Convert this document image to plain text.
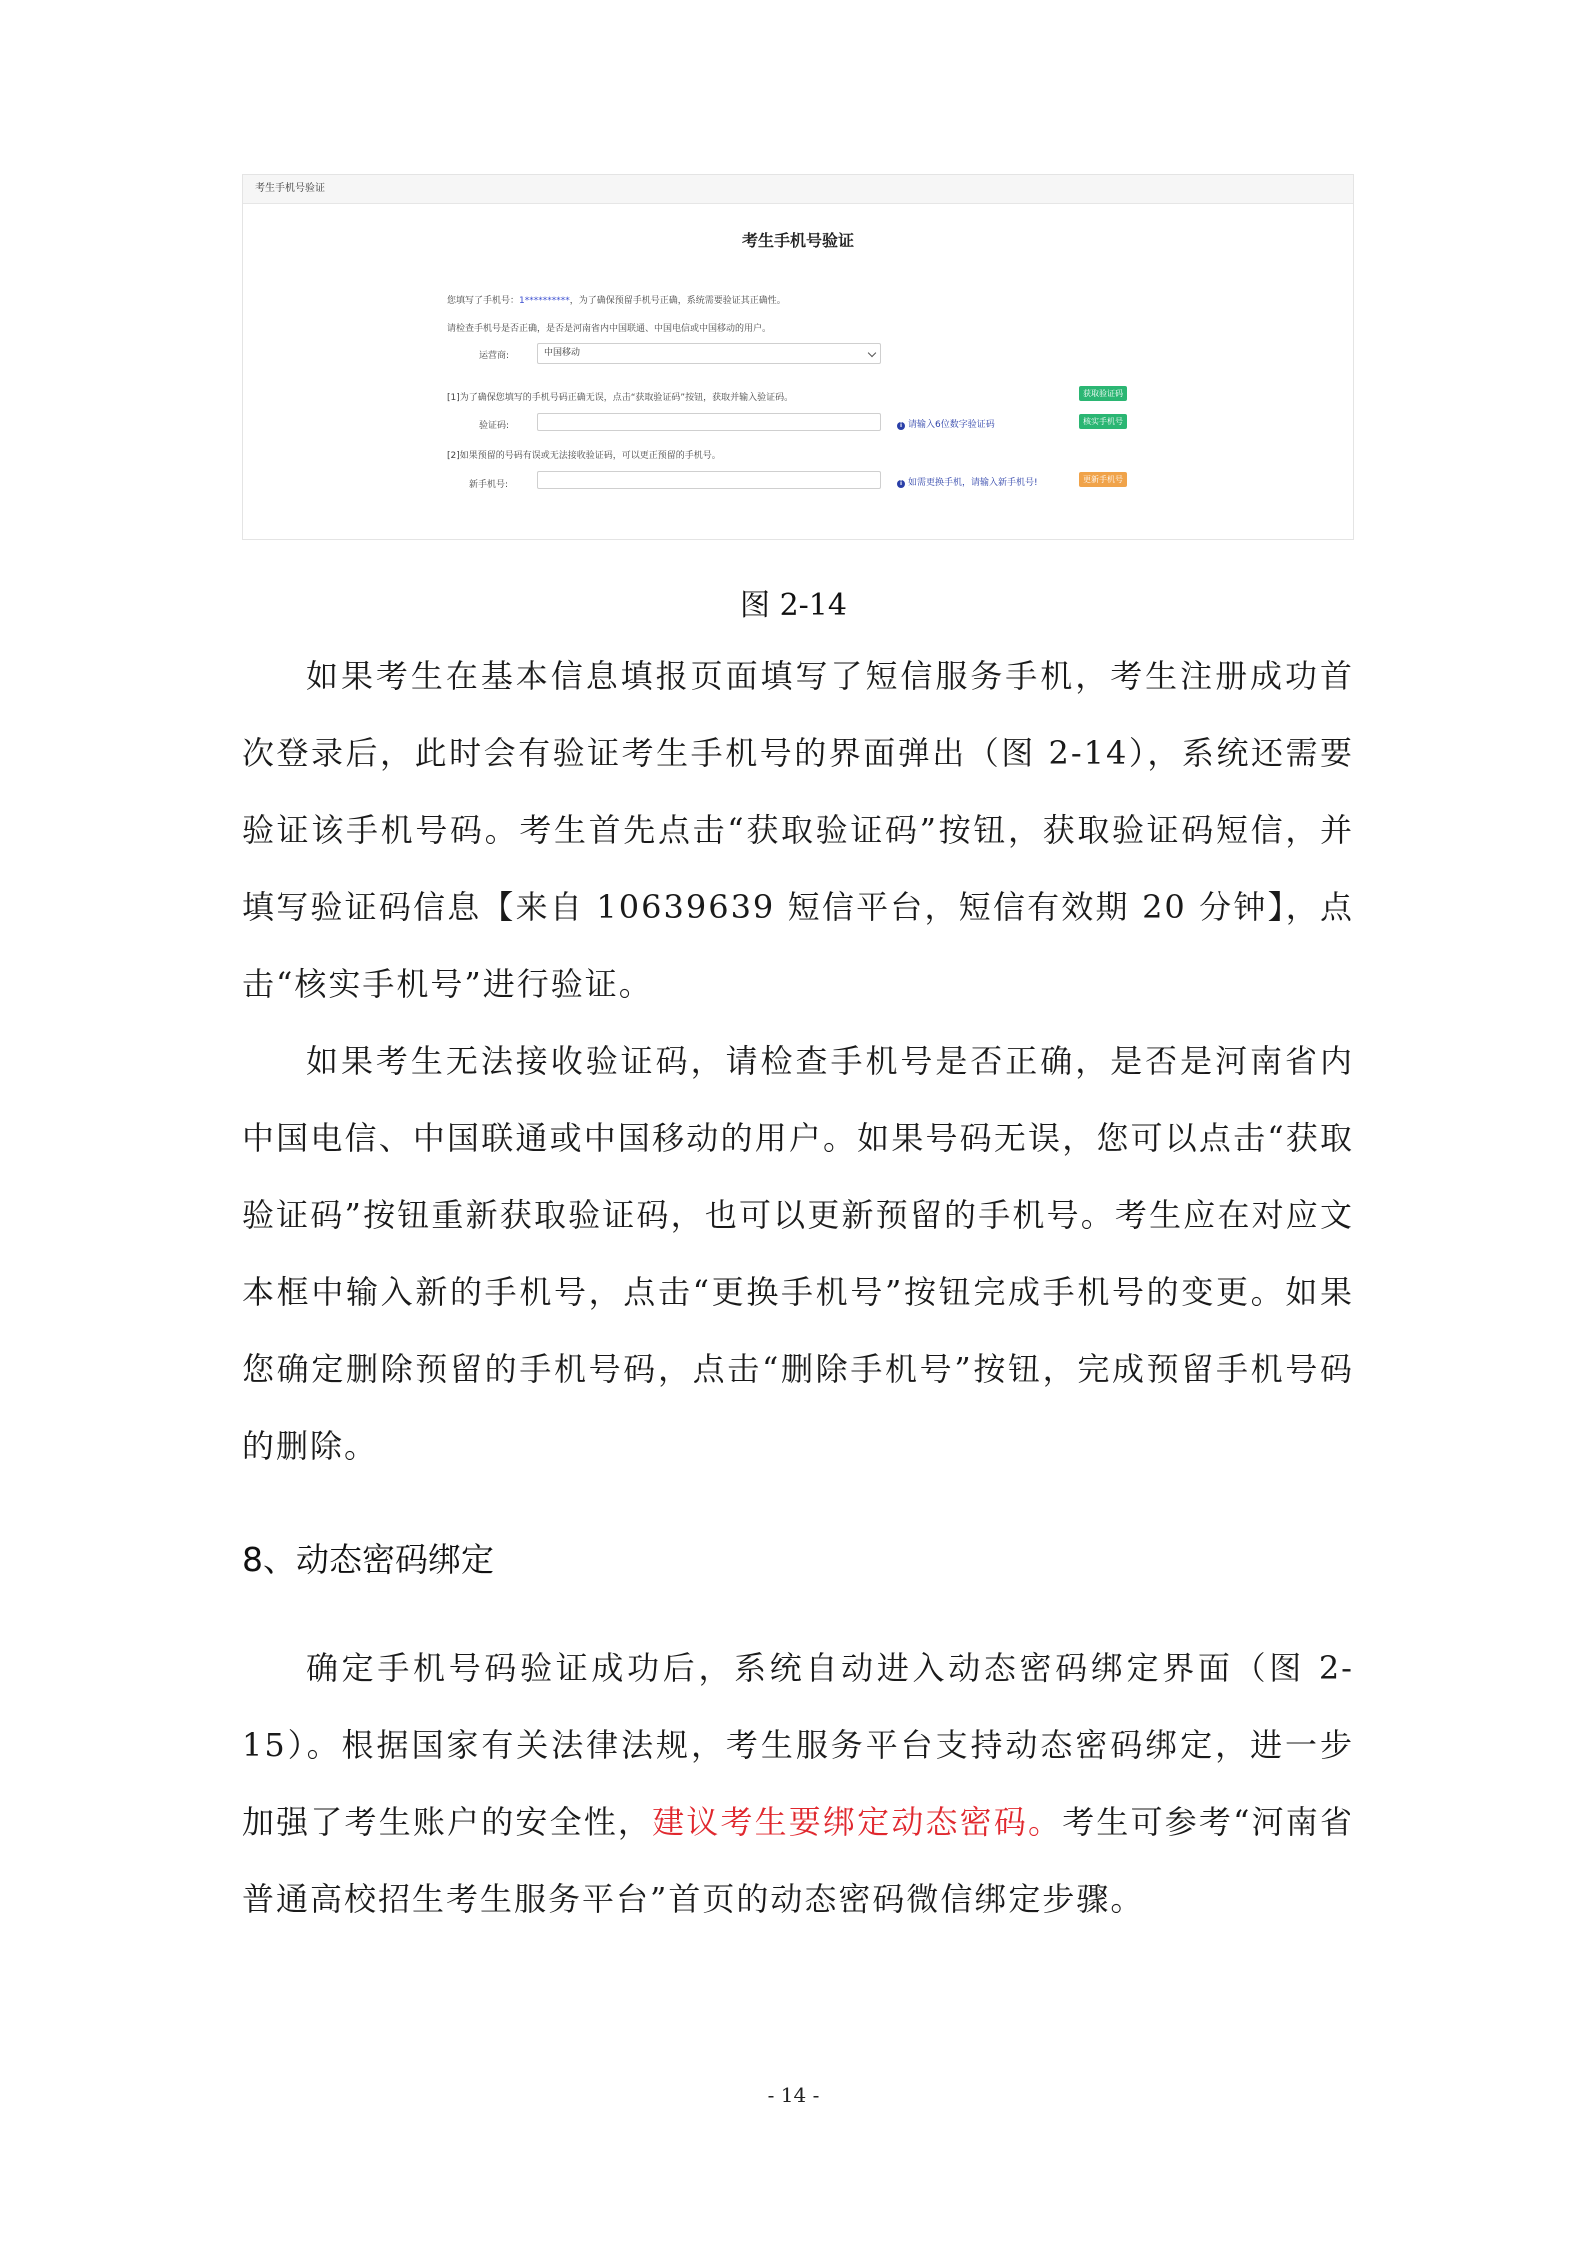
考生手机号验证
考生手机号验证
您填写了手机号：1**********，为了确保预留手机号正确，系统需要验证其正确性。
请检查手机号是否正确，是否是河南省内中国联通、中国电信或中国移动的用户。
运营商:	中国移动
[1]为了确保您填写的手机号码正确无误，点击“获取验证码”按钮，获取并输入验证码。	获取验证码
验证码:	i 请输入6位数字验证码	核实手机号
[2]如果预留的号码有误或无法接收验证码，可以更正预留的手机号。
新手机号:	i 如需更换手机，请输入新手机号!	更新手机号
图 2-14

如果考生在基本信息填报页面填写了短信服务手机，考生注册成功首次登录后，此时会有验证考生手机号的界面弹出（图 2-14），系统还需要验证该手机号码。考生首先点击“获取验证码”按钮，获取验证码短信，并填写验证码信息【来自 10639639 短信平台，短信有效期 20 分钟】，点击“核实手机号”进行验证。

如果考生无法接收验证码，请检查手机号是否正确，是否是河南省内中国电信、中国联通或中国移动的用户。如果号码无误，您可以点击“获取验证码”按钮重新获取验证码，也可以更新预留的手机号。考生应在对应文本框中输入新的手机号，点击“更换手机号”按钮完成手机号的变更。如果您确定删除预留的手机号码，点击“删除手机号”按钮，完成预留手机号码的删除。

8、动态密码绑定

确定手机号码验证成功后，系统自动进入动态密码绑定界面（图 2-15）。根据国家有关法律法规，考生服务平台支持动态密码绑定，进一步加强了考生账户的安全性，建议考生要绑定动态密码。考生可参考“河南省普通高校招生考生服务平台”首页的动态密码微信绑定步骤。

- 14 -
